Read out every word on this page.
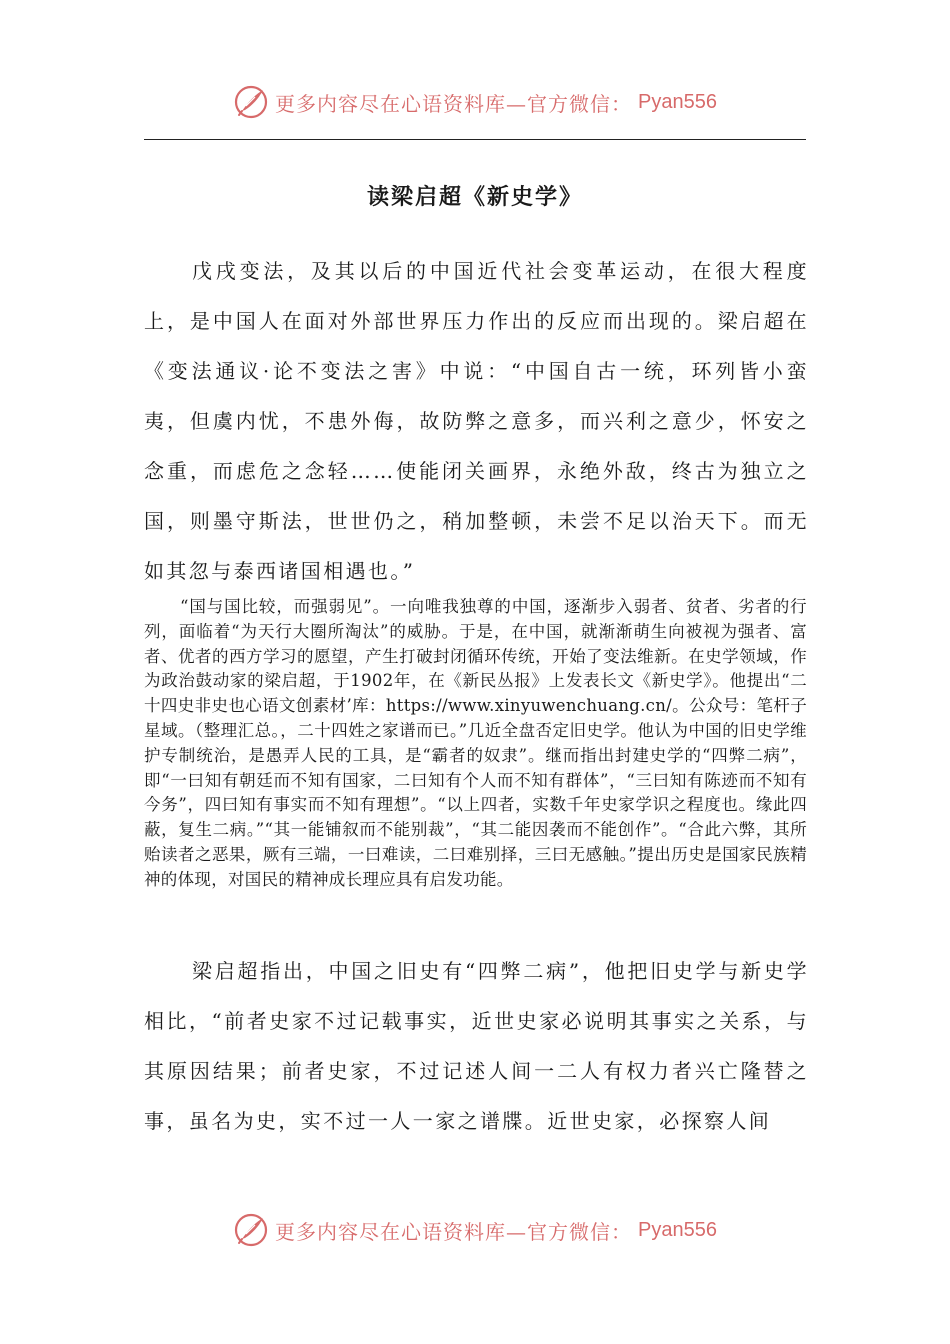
更多内容尽在心语资料库—官方微信： Pyan556
读梁启超《新史学》

戊戌变法，及其以后的中国近代社会变革运动，在很大程度上，是中国人在面对外部世界压力作出的反应而出现的。梁启超在《变法通议·论不变法之害》中说：“中国自古一统，环列皆小蛮夷，但虞内忧，不患外侮，故防弊之意多，而兴利之意少，怀安之念重，而虑危之念轻……使能闭关画界，永绝外敌，终古为独立之国，则墨守斯法，世世仍之，稍加整顿，未尝不足以治天下。而无如其忽与泰西诸国相遇也。”

“国与国比较，而强弱见”。一向唯我独尊的中国，逐渐步入弱者、贫者、劣者的行列，面临着“为天行大圈所淘汰”的威胁。于是，在中国，就渐渐萌生向被视为强者、富者、优者的西方学习的愿望，产生打破封闭循环传统，开始了变法维新。在史学领域，作为政治鼓动家的梁启超，于1902年，在《新民丛报》上发表长文《新史学》。他提出“二十四史非史也心语文创素材’库：https://www.xinyuwenchuang.cn/。公众号：笔杆子星域。（整理汇总。，二十四姓之家谱而已。”几近全盘否定旧史学。他认为中国的旧史学维护专制统治，是愚弄人民的工具，是“霸者的奴隶”。继而指出封建史学的“四弊二病”，即“一曰知有朝廷而不知有国家，二曰知有个人而不知有群体”，“三曰知有陈迹而不知有今务”，四曰知有事实而不知有理想”。“以上四者，实数千年史家学识之程度也。缘此四蔽，复生二病。”“其一能铺叙而不能别裁”，“其二能因袭而不能创作”。“合此六弊，其所贻读者之恶果，厥有三端，一曰难读，二曰难别择，三曰无感触。”提出历史是国家民族精神的体现，对国民的精神成长理应具有启发功能。

梁启超指出，中国之旧史有“四弊二病”，他把旧史学与新史学相比，“前者史家不过记载事实，近世史家必说明其事实之关系，与其原因结果；前者史家，不过记述人间一二人有权力者兴亡隆替之事，虽名为史，实不过一人一家之谱牒。近世史家，必探察人间

更多内容尽在心语资料库—官方微信： Pyan556
